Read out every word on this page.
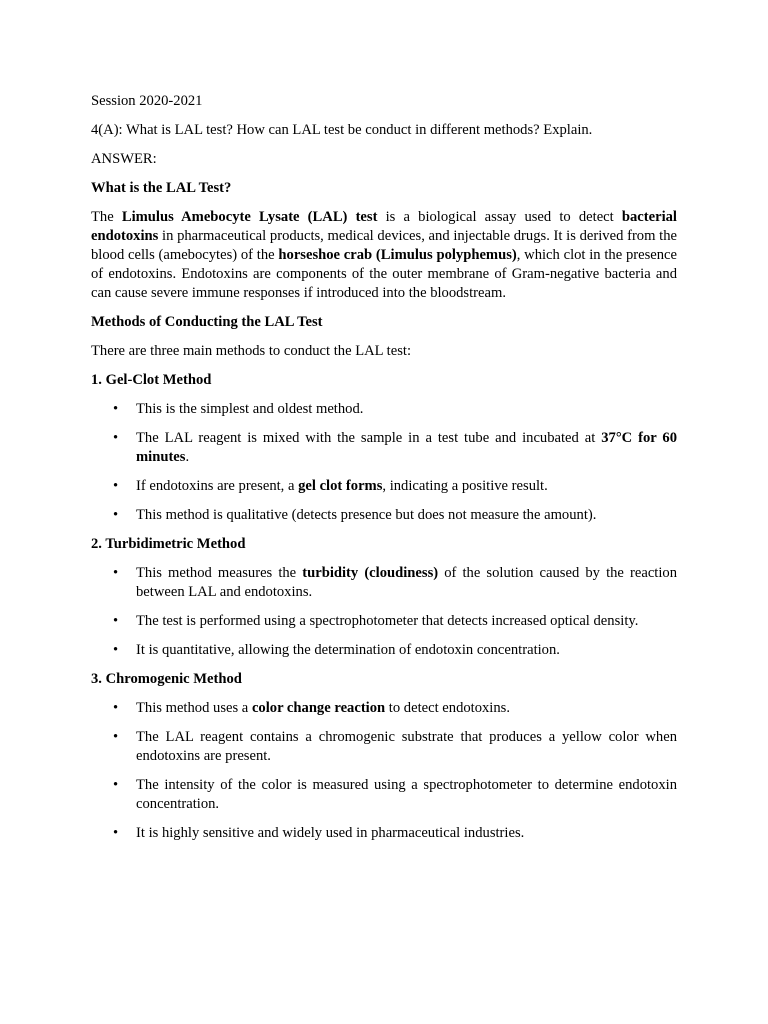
Session 2020-2021

4(A): What is LAL test? How can LAL test be conduct in different methods? Explain.

ANSWER:

What is the LAL Test?

The Limulus Amebocyte Lysate (LAL) test is a biological assay used to detect bacterial endotoxins in pharmaceutical products, medical devices, and injectable drugs. It is derived from the blood cells (amebocytes) of the horseshoe crab (Limulus polyphemus), which clot in the presence of endotoxins. Endotoxins are components of the outer membrane of Gram-negative bacteria and can cause severe immune responses if introduced into the bloodstream.

Methods of Conducting the LAL Test

There are three main methods to conduct the LAL test:

1. Gel-Clot Method

• This is the simplest and oldest method.
• The LAL reagent is mixed with the sample in a test tube and incubated at 37°C for 60 minutes.
• If endotoxins are present, a gel clot forms, indicating a positive result.
• This method is qualitative (detects presence but does not measure the amount).

2. Turbidimetric Method

• This method measures the turbidity (cloudiness) of the solution caused by the reaction between LAL and endotoxins.
• The test is performed using a spectrophotometer that detects increased optical density.
• It is quantitative, allowing the determination of endotoxin concentration.

3. Chromogenic Method

• This method uses a color change reaction to detect endotoxins.
• The LAL reagent contains a chromogenic substrate that produces a yellow color when endotoxins are present.
• The intensity of the color is measured using a spectrophotometer to determine endotoxin concentration.
• It is highly sensitive and widely used in pharmaceutical industries.
